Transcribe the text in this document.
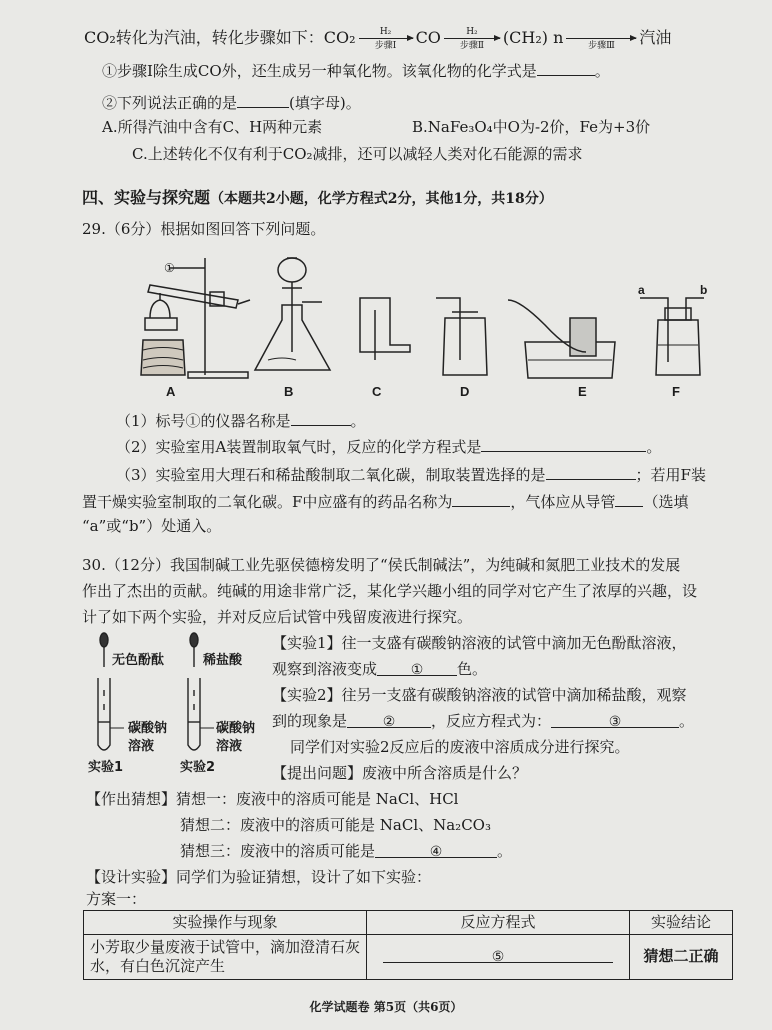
CO₂转化为汽油，转化步骤如下：CO₂	H₂
步骤Ⅰ	CO	H₂
步骤Ⅱ	(CH₂) n	步骤Ⅲ	汽油
①步骤Ⅰ除生成CO外，还生成另一种氧化物。该氧化物的化学式是	。
②下列说法正确的是	(填字母)。
A.所得汽油中含有C、H两种元素	B.NaFe₃O₄中O为-2价，Fe为+3价
C.上述转化不仅有利于CO₂减排，还可以减轻人类对化石能源的需求
四、实验与探究题（本题共2小题，化学方程式2分，其他1分，共18分）
29.（6分）根据如图回答下列问题。
A	B	C	D	E	F
①
a	b
（1）标号①的仪器名称是	。
（2）实验室用A装置制取氧气时，反应的化学方程式是	。
（3）实验室用大理石和稀盐酸制取二氧化碳，制取装置选择的是	；若用F装
置干燥实验室制取的二氧化碳。F中应盛有的药品名称为	，气体应从导管 （选填
“a”或“b”）处通入。
30.（12分）我国制碱工业先驱侯德榜发明了“侯氏制碱法”，为纯碱和氮肥工业技术的发展
作出了杰出的贡献。纯碱的用途非常广泛，某化学兴趣小组的同学对它产生了浓厚的兴趣，设
计了如下两个实验，并对反应后试管中残留废液进行探究。
无色酚酞	稀盐酸
碳酸钠
溶液
碳酸钠
溶液
实验1	实验2
【实验1】往一支盛有碳酸钠溶液的试管中滴加无色酚酞溶液，
观察到溶液变成 ① 色。
【实验2】往另一支盛有碳酸钠溶液的试管中滴加稀盐酸，观察
到的现象是	② ，反应方程式为：	③	。
同学们对实验2反应后的废液中溶质成分进行探究。
【提出问题】废液中所含溶质是什么？
【作出猜想】猜想一：废液中的溶质可能是 NaCl、HCl
猜想二：废液中的溶质可能是 NaCl、Na₂CO₃
猜想三：废液中的溶质可能是	④	。
【设计实验】同学们为验证猜想，设计了如下实验：
方案一：
实验操作与现象	反应方程式	实验结论
小芳取少量废液于试管中，滴加澄清石灰水，有白色沉淀产生	⑤	猜想二正确
化学试题卷 第5页（共6页）
